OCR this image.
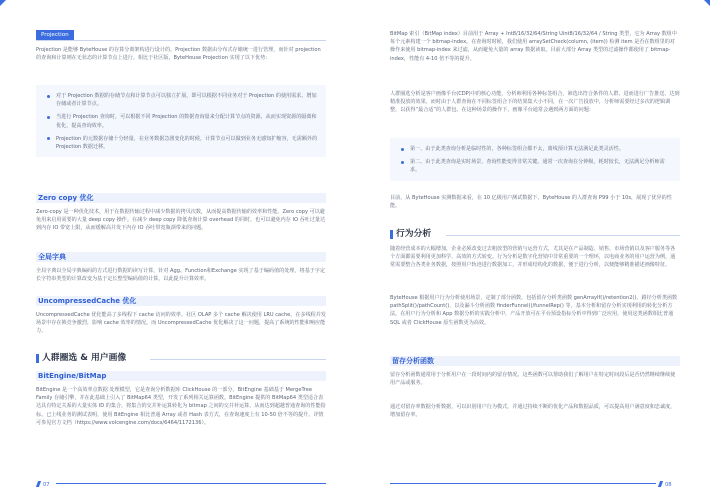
Projection

Projection 是能够 ByteHouse 的存算分离架构进行设计的。Projection 数据由分布式存储统一进行管理，而针对 projection 的查询和计算则在无状态的计算节点上进行。相比于社区版，ByteHouse Projection 实现了以下优势：

对于 Projection 数据的存储节点和计算节点可以独立扩展，即可以根据不同业务对于 Projection 的使用需求，增加存储或者计算节点。

当进行 Projection 查询时，可以根据不同 Projection 的数据查询量来分配计算节点的资源，从而实现资源的隔离和优化，提高查询效率。

Projection 的元数据存储十分轻量，在业务数据急剧变化的时候，计算节点可以做到业务无感知扩缩容，无需额外的 Projection 数据迁移。

Zero copy 优化

Zero-copy 是一种优化技术，用于在数据传输过程中减少数据的拷贝次数，从而提高数据传输的效率和性能。Zero copy 可以避免用来启用需要的大量 deep copy 操作。在减少 deep copy 降低查询计算 overhead 的同时，也可以避免内存 IO 吞吐过量达到内存 IO 带宽上限，从而缓解高并发下内存 IO 吞吐带宽瓶颈带来的问题。

全局字典

全局字典以全局字典编码的方式进行数据的读写计算，针对 Agg、Function和Exchange 实现了基于编码值的处理，将基于字定长字符串类型的计算改变为基于定长整型编码值的计算，以此提升计算效率。

UncompressedCache 优化

UncompressedCache 优化能高了多线程下 cache 访问的效率。社区 OLAP 多个 cache 解决使用 LRU cache，在多线程并发场景中存在锁竞争激烈，影响 cache 效率的情况。而 UncompressedCache 优化解决了这一问题，提高了系统的性能和响应能力。

人群圈选 & 用户画像
BitEngine/BitMap

BitEngine 是一个高效率点数据 处理模型，它是查询分析数据库 ClickHouse 的一部分。BitEngine 基础基于 MergeTree Family 存储引擎，并在此基础上引入了 BitMap64 类型，开发了系列相关运算函数。BitEngine 提供的 BitMap64 类型适合表达具有特定关系的大量实体 ID 的集合，将集合的交并补运算转化为 bitmap 之间的交并补运算，从而达到超越普通查询的性能指标。已上线业务的测试表明，使用 BitEngine 相比普通 Array 或者 Hash 表方式，在查询速度上有 10-50 倍不等的提升。详情可参见官方文档（https://www.volcengine.com/docs/6464/1172136）。

07

BitMap 索引（BitMap index）目前用于 Array + Int8/16/32/64/String Uint8/16/32/64 / String 类型，它为 Array 数组中每个元素构建一个 bitmap-index。在查询时时候，我们使用 arraySetCheck(column, (item)) 检测 item 是否在数组里的对操作来使用 bitmap-index 来过滤，从而避免大量的 array 数据读取。目前大部分 Array 类型的过滤操作都使用了 bitmap-index，性能有 4-10 倍不等的提升。

人群圈选分析是客户画像平台(CDP)中的核心功能，分析师利用各种标签组合，筛选出符合条件的人群，进而进行广告推送、达到精准投放的效果。而时由于人群查询在不同标签组合下的结果集大小不同，在一次广告投放中，分析师需要经过多次的逻辑调整，以获得“最合适”的人群包。在这种场景的操作下，画像平台通常会遇到两方面的问题：

第一、由于此类查询分析是临时性的，各种标签组合都不太，离线预计算无法满足此类灵活性。

第二、由于此类查询是实时场景，查询性能变得非常关键。通常一次查询在分钟级，耗时较长，无法满足分析师需求。

目前，从 ByteHouse 实测数据来看，在 10 亿级用户测试数据下，ByteHouse 的人群查询 P99 小于 10s，展现了优异的性能。

行为分析

随着经营成本的大幅增加，企业必须改变过去粗放型的营销与运营方式，尤其是在产品制造、销售、市场营销以及客户服务等各个方面都需要利用更加科学、高效的方式转变。行为分析是数字化营销中非常重要的一个理环，以电商业务的用户运营为例，通常需要整合各类业务数据，按照用户轨迹进行数据加工，并形成结构化的数据，便于进行分析，以便能够精准描述画像特征。

ByteHouse 根据用户行为分析使用场景，定制了部分函数，包括留存分析类函数 genArrayIf()/retention2()、路径分析类函数 pathSplit()/pathCount()，以及漏斗分析函数 finderFunnel()/funnelRep() 等，基本分析和留存分析实现利用的转化分析方法，在用户行为分析和 App 数据分析的实践分析中，产品开放可在平台预设指标分析中得到广泛应用，使用这类函数相比普通 SQL 或者 ClickHouse 原生函数更为高效。

留存分析函数

留存分析函数通常用于分析用户在一段时间内的留存情况。这些函数可以帮助我们了解用户在特定时间段后是否仍然继续继续使用产品或服务。

通过对留存率数据分析数据，可以识别用户行为模式，并通过持续不断的优化产品和数据品质，可以提高用户满意度和忠诚度，增加留存率。

08
